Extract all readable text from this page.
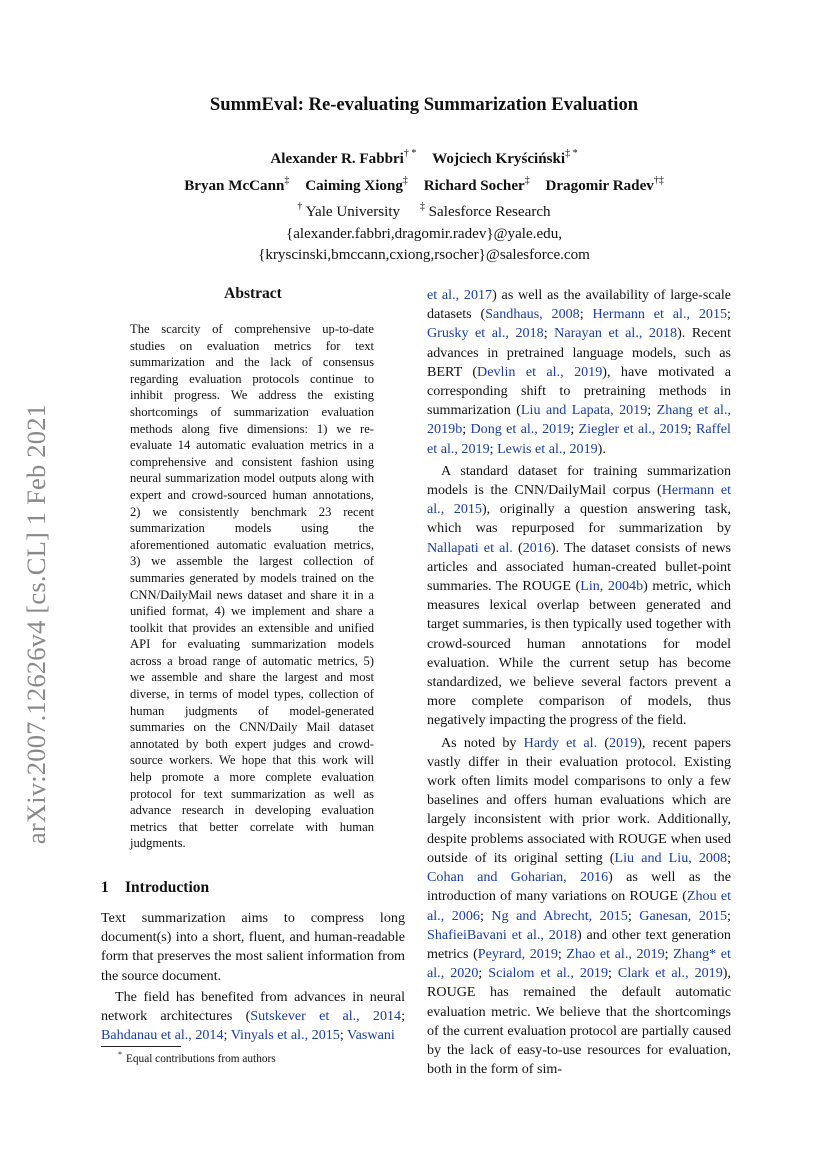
arXiv:2007.12626v4 [cs.CL] 1 Feb 2021
SummEval: Re-evaluating Summarization Evaluation
Alexander R. Fabbri† * Wojciech Kryściński‡ *
Bryan McCann‡ Caiming Xiong‡ Richard Socher‡ Dragomir Radev†‡
† Yale University ‡ Salesforce Research
{alexander.fabbri,dragomir.radev}@yale.edu,
{kryscinski,bmccann,cxiong,rsocher}@salesforce.com
Abstract
The scarcity of comprehensive up-to-date studies on evaluation metrics for text summarization and the lack of consensus regarding evaluation protocols continue to inhibit progress. We address the existing shortcomings of summarization evaluation methods along five dimensions: 1) we re-evaluate 14 automatic evaluation metrics in a comprehensive and consistent fashion using neural summarization model outputs along with expert and crowd-sourced human annotations, 2) we consistently benchmark 23 recent summarization models using the aforementioned automatic evaluation metrics, 3) we assemble the largest collection of summaries generated by models trained on the CNN/DailyMail news dataset and share it in a unified format, 4) we implement and share a toolkit that provides an extensible and unified API for evaluating summarization models across a broad range of automatic metrics, 5) we assemble and share the largest and most diverse, in terms of model types, collection of human judgments of model-generated summaries on the CNN/Daily Mail dataset annotated by both expert judges and crowd-source workers. We hope that this work will help promote a more complete evaluation protocol for text summarization as well as advance research in developing evaluation metrics that better correlate with human judgments.
1 Introduction

Text summarization aims to compress long document(s) into a short, fluent, and human-readable form that preserves the most salient information from the source document.

The field has benefited from advances in neural network architectures (Sutskever et al., 2014; Bahdanau et al., 2014; Vinyals et al., 2015; Vaswani

et al., 2017) as well as the availability of large-scale datasets (Sandhaus, 2008; Hermann et al., 2015; Grusky et al., 2018; Narayan et al., 2018). Recent advances in pretrained language models, such as BERT (Devlin et al., 2019), have motivated a corresponding shift to pretraining methods in summarization (Liu and Lapata, 2019; Zhang et al., 2019b; Dong et al., 2019; Ziegler et al., 2019; Raffel et al., 2019; Lewis et al., 2019).

A standard dataset for training summarization models is the CNN/DailyMail corpus (Hermann et al., 2015), originally a question answering task, which was repurposed for summarization by Nallapati et al. (2016). The dataset consists of news articles and associated human-created bullet-point summaries. The ROUGE (Lin, 2004b) metric, which measures lexical overlap between generated and target summaries, is then typically used together with crowd-sourced human annotations for model evaluation. While the current setup has become standardized, we believe several factors prevent a more complete comparison of models, thus negatively impacting the progress of the field.

As noted by Hardy et al. (2019), recent papers vastly differ in their evaluation protocol. Existing work often limits model comparisons to only a few baselines and offers human evaluations which are largely inconsistent with prior work. Additionally, despite problems associated with ROUGE when used outside of its original setting (Liu and Liu, 2008; Cohan and Goharian, 2016) as well as the introduction of many variations on ROUGE (Zhou et al., 2006; Ng and Abrecht, 2015; Ganesan, 2015; ShafieiBavani et al., 2018) and other text generation metrics (Peyrard, 2019; Zhao et al., 2019; Zhang* et al., 2020; Scialom et al., 2019; Clark et al., 2019), ROUGE has remained the default automatic evaluation metric. We believe that the shortcomings of the current evaluation protocol are partially caused by the lack of easy-to-use resources for evaluation, both in the form of sim-

* Equal contributions from authors
